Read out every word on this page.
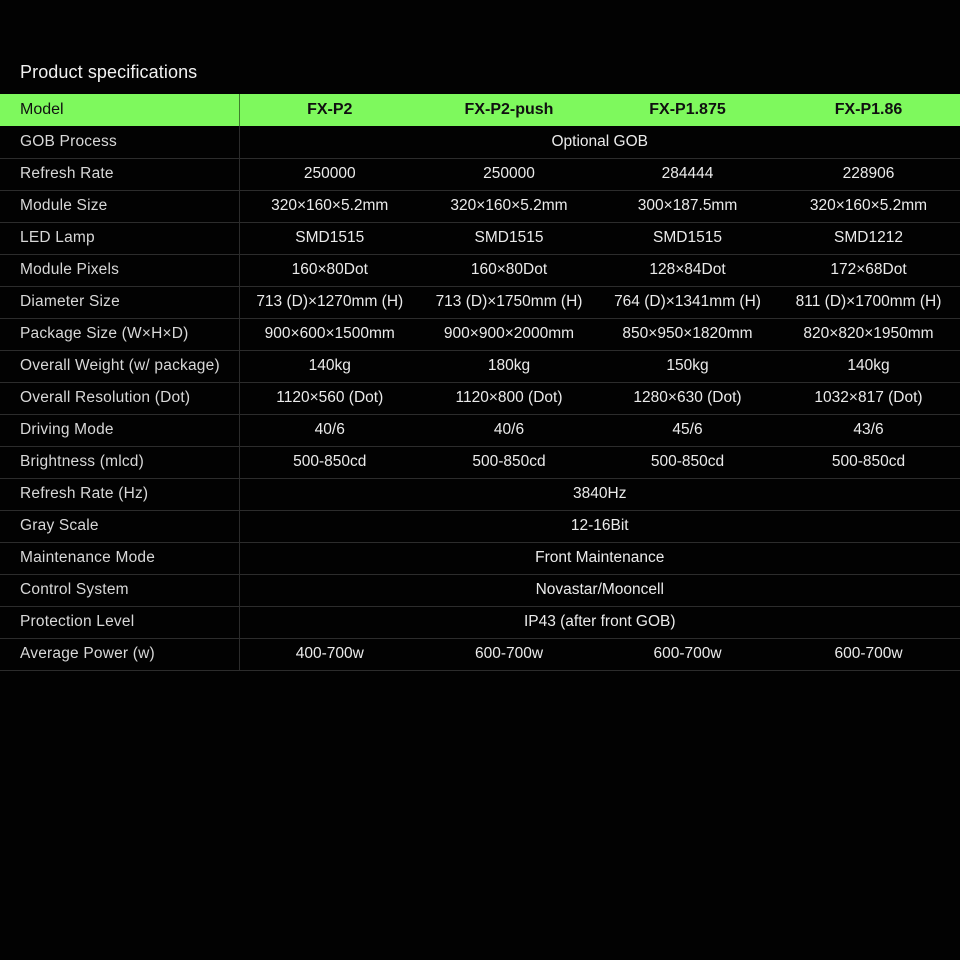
Product specifications
Model	FX-P2	FX-P2-push	FX-P1.875	FX-P1.86
GOB Process	Optional GOB			
Refresh Rate	250000	250000	284444	228906
Module Size	320×160×5.2mm	320×160×5.2mm	300×187.5mm	320×160×5.2mm
LED Lamp	SMD1515	SMD1515	SMD1515	SMD1212
Module Pixels	160×80Dot	160×80Dot	128×84Dot	172×68Dot
Diameter Size	713 (D)×1270mm (H)	713 (D)×1750mm (H)	764 (D)×1341mm (H)	811 (D)×1700mm (H)
Package Size (W×H×D)	900×600×1500mm	900×900×2000mm	850×950×1820mm	820×820×1950mm
Overall Weight (w/ package)	140kg	180kg	150kg	140kg
Overall Resolution (Dot)	1120×560 (Dot)	1120×800 (Dot)	1280×630 (Dot)	1032×817 (Dot)
Driving Mode	40/6	40/6	45/6	43/6
Brightness (mlcd)	500-850cd	500-850cd	500-850cd	500-850cd
Refresh Rate (Hz)	3840Hz			
Gray Scale	12-16Bit			
Maintenance Mode	Front Maintenance			
Control System	Novastar/Mooncell			
Protection Level	IP43 (after front GOB)			
Average Power (w)	400-700w	600-700w	600-700w	600-700w
